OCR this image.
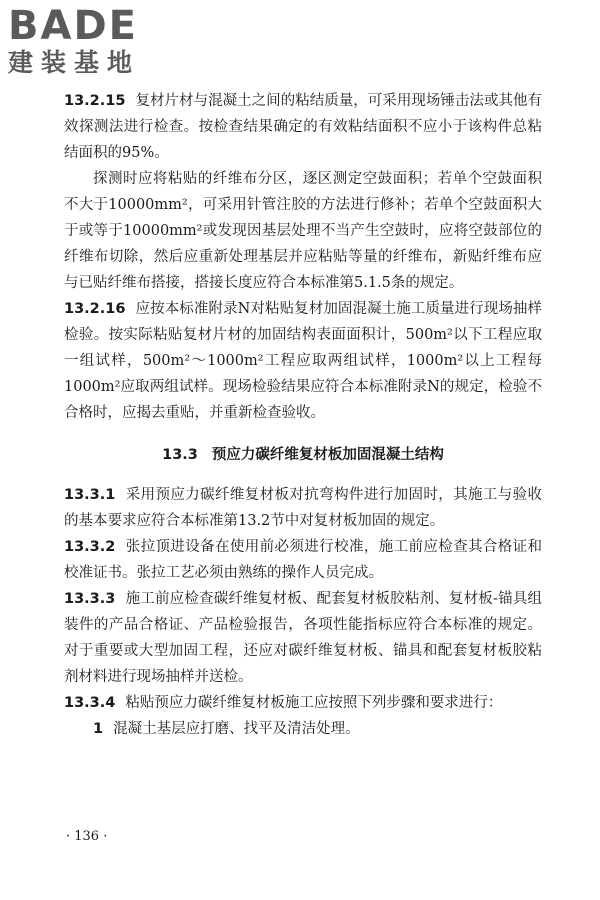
BADE
建装基地

13.2.15 复材片材与混凝土之间的粘结质量，可采用现场锤击法或其他有效探测法进行检查。按检查结果确定的有效粘结面积不应小于该构件总粘结面积的95%。

探测时应将粘贴的纤维布分区，逐区测定空鼓面积；若单个空鼓面积不大于10000mm²，可采用针管注胶的方法进行修补；若单个空鼓面积大于或等于10000mm²或发现因基层处理不当产生空鼓时，应将空鼓部位的纤维布切除，然后应重新处理基层并应粘贴等量的纤维布，新贴纤维布应与已贴纤维布搭接，搭接长度应符合本标准第5.1.5条的规定。

13.2.16 应按本标准附录N对粘贴复材加固混凝土施工质量进行现场抽样检验。按实际粘贴复材片材的加固结构表面面积计，500m²以下工程应取一组试样，500m²～1000m²工程应取两组试样，1000m²以上工程每1000m²应取两组试样。现场检验结果应符合本标准附录N的规定，检验不合格时，应揭去重贴，并重新检查验收。

13.3 预应力碳纤维复材板加固混凝土结构

13.3.1 采用预应力碳纤维复材板对抗弯构件进行加固时，其施工与验收的基本要求应符合本标准第13.2节中对复材板加固的规定。

13.3.2 张拉顶进设备在使用前必须进行校准，施工前应检查其合格证和校准证书。张拉工艺必须由熟练的操作人员完成。

13.3.3 施工前应检查碳纤维复材板、配套复材板胶粘剂、复材板-锚具组装件的产品合格证、产品检验报告，各项性能指标应符合本标准的规定。对于重要或大型加固工程，还应对碳纤维复材板、锚具和配套复材板胶粘剂材料进行现场抽样并送检。

13.3.4 粘贴预应力碳纤维复材板施工应按照下列步骤和要求进行：

1 混凝土基层应打磨、找平及清洁处理。

· 136 ·
